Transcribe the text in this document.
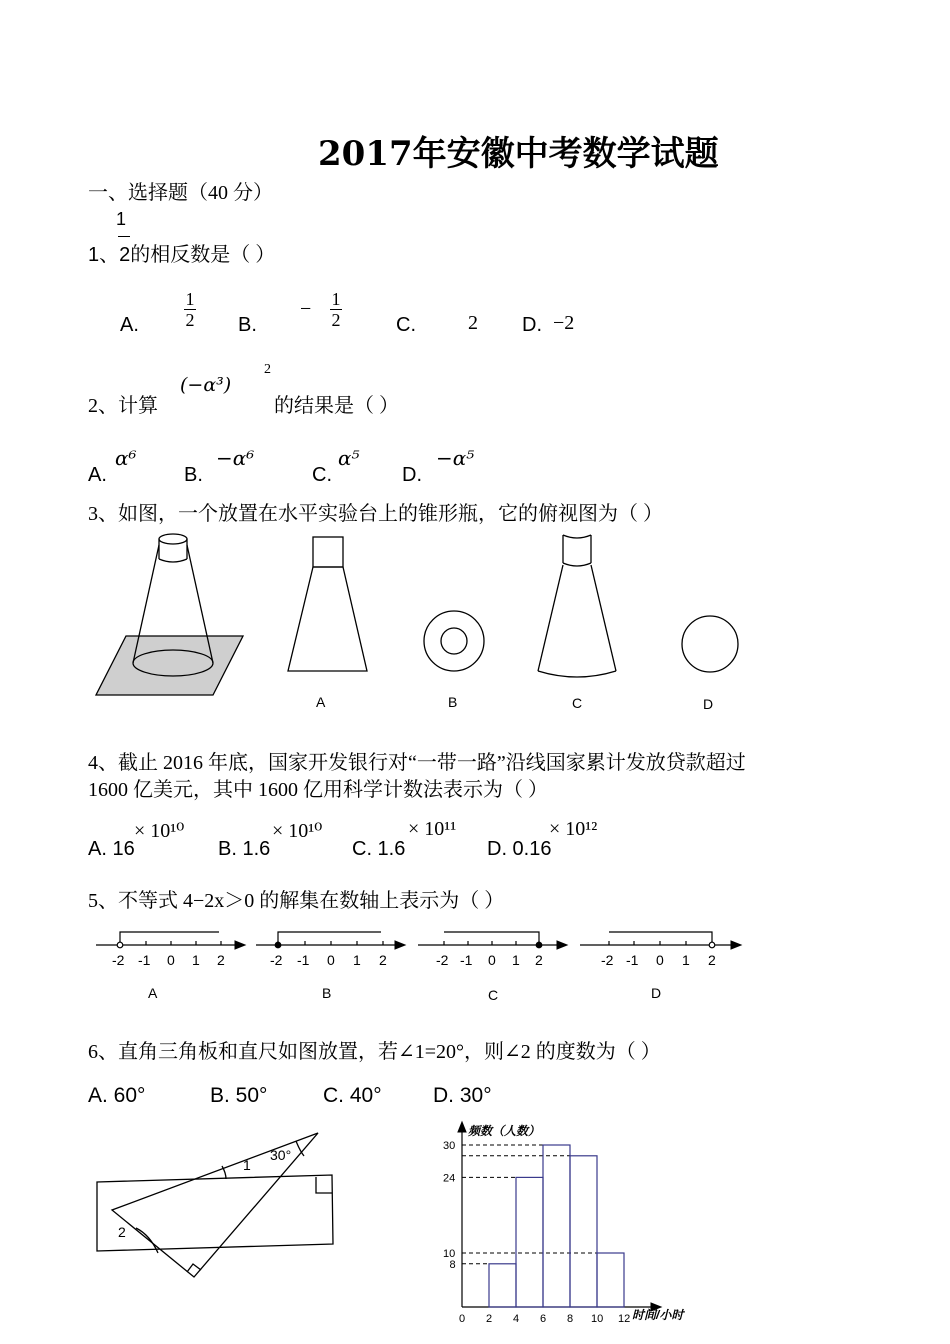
2017年安徽中考数学试题
一、选择题（40 分）
1
1、2的相反数是（ ）
A.
1
2 B.
− 1
2	C.	2 D. −2
2、计算
(−α³)
2
的结果是（ ）
A.
α⁶
B.
−α⁶
C.
α⁵
D.
−α⁵
3、如图，一个放置在水平实验台上的锥形瓶，它的俯视图为（ ）
A	B	C	D
4、截止 2016 年底，国家开发银行对“一带一路”沿线国家累计发放贷款超过
1600 亿美元，其中 1600 亿用科学计数法表示为（ ）
A. 16
× 10¹⁰
B. 1.6
× 10¹⁰
C. 1.6
× 10¹¹
D. 0.16
× 10¹²
5、不等式 4−2x＞0 的解集在数轴上表示为（ ）
-2 -1 0 1 2	-2 -1 0 1 2	-2 -1 0 1 2	-2 -1 0 1 2
A	B	C	D
6、直角三角板和直尺如图放置，若∠1=20°，则∠2 的度数为（ ）
A. 60°	B. 50°	C. 40° D. 30°
30°
1
2
频数（人数）
时间/小时
0 2 4 6 8 10 12
8
10
24
30
